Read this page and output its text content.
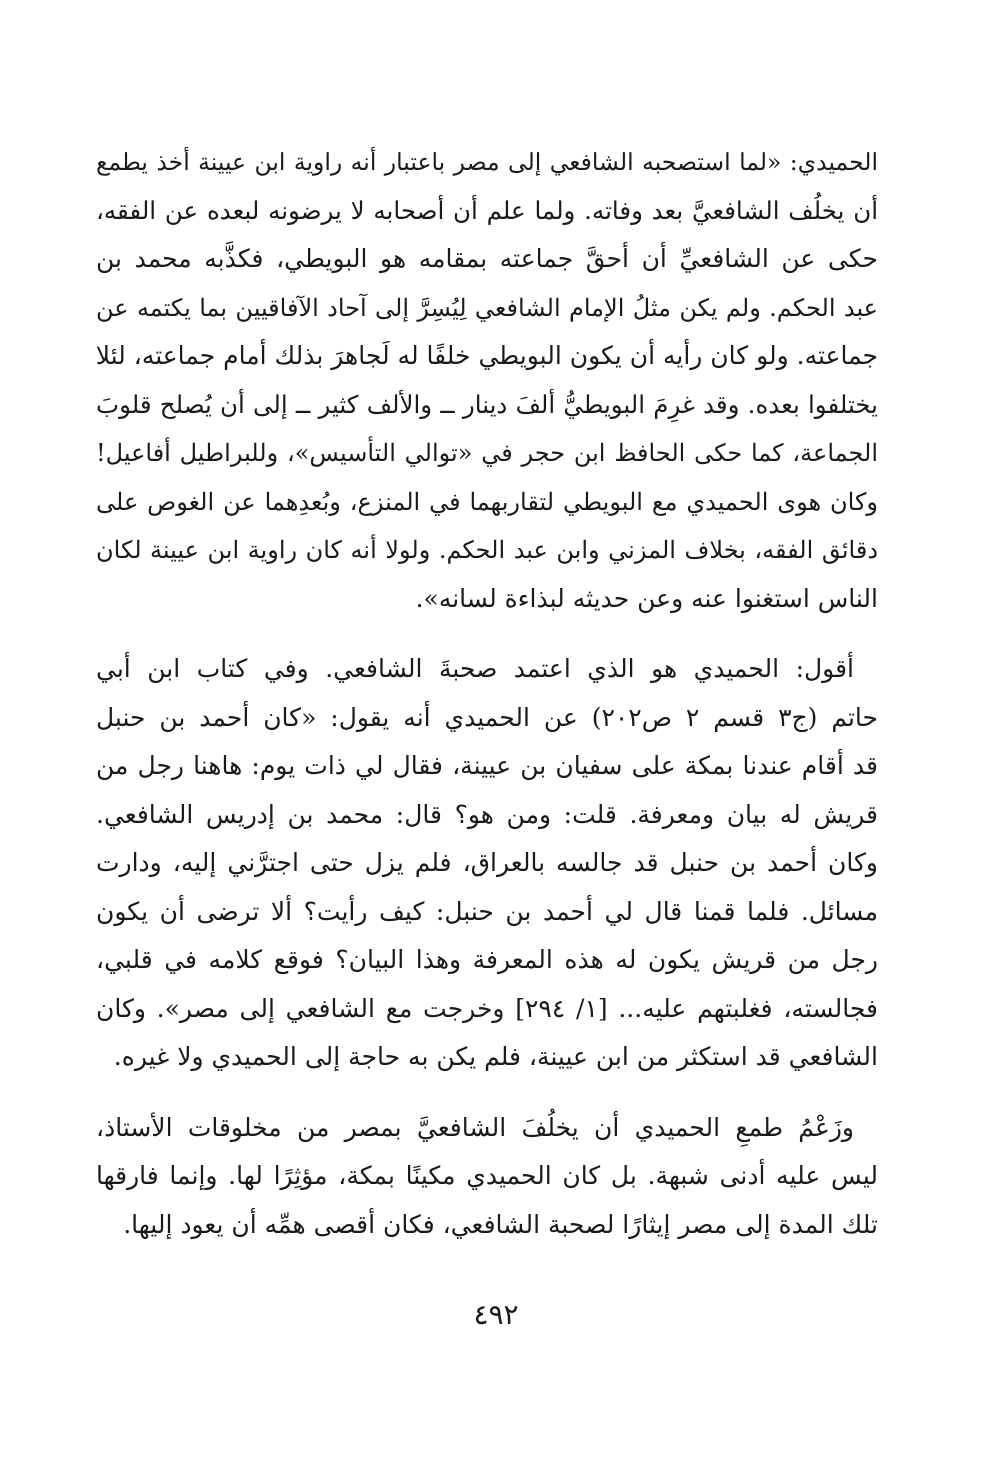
الحميدي: «لما استصحبه الشافعي إلى مصر باعتبار أنه راوية ابن عيينة أخذ يطمع
أن يخلُف الشافعيَّ بعد وفاته. ولما علم أن أصحابه لا يرضونه لبعده عن الفقه،
حكى عن الشافعيِّ أن أحقَّ جماعته بمقامه هو البويطي، فكذَّبه محمد بن
عبد الحكم. ولم يكن مثلُ الإمام الشافعي لِيُسِرَّ إلى آحاد الآفاقيين بما يكتمه عن
جماعته. ولو كان رأيه أن يكون البويطي خلفًا له لَجاهرَ بذلك أمام جماعته، لئلا
يختلفوا بعده. وقد غرِمَ البويطيُّ ألفَ دينار ــ والألف كثير ــ إلى أن يُصلح قلوبَ
الجماعة، كما حكى الحافظ ابن حجر في «توالي التأسيس»، وللبراطيل أفاعيل!
وكان هوى الحميدي مع البويطي لتقاربهما في المنزع، وبُعدِهما عن الغوص على
دقائق الفقه، بخلاف المزني وابن عبد الحكم. ولولا أنه كان راوية ابن عيينة لكان
الناس استغنوا عنه وعن حديثه لبذاءة لسانه».
أقول: الحميدي هو الذي اعتمد صحبةَ الشافعي. وفي كتاب ابن أبي
حاتم (ج٣ قسم ٢ ص٢٠٢) عن الحميدي أنه يقول: «كان أحمد بن حنبل
قد أقام عندنا بمكة على سفيان بن عيينة، فقال لي ذات يوم: هاهنا رجل من
قريش له بيان ومعرفة. قلت: ومن هو؟ قال: محمد بن إدريس الشافعي.
وكان أحمد بن حنبل قد جالسه بالعراق، فلم يزل حتى اجترَّني إليه، ودارت
مسائل. فلما قمنا قال لي أحمد بن حنبل: كيف رأيت؟ ألا ترضى أن يكون
رجل من قريش يكون له هذه المعرفة وهذا البيان؟ فوقع كلامه في قلبي،
فجالسته، فغلبتهم عليه... [١/ ٢٩٤] وخرجت مع الشافعي إلى مصر». وكان
الشافعي قد استكثر من ابن عيينة، فلم يكن به حاجة إلى الحميدي ولا غيره.
وزَعْمُ طمعِ الحميدي أن يخلُفَ الشافعيَّ بمصر من مخلوقات الأستاذ،
ليس عليه أدنى شبهة. بل كان الحميدي مكينًا بمكة، مؤثِرًا لها. وإنما فارقها
تلك المدة إلى مصر إيثارًا لصحبة الشافعي، فكان أقصى همِّه أن يعود إليها.
٤٩٢
